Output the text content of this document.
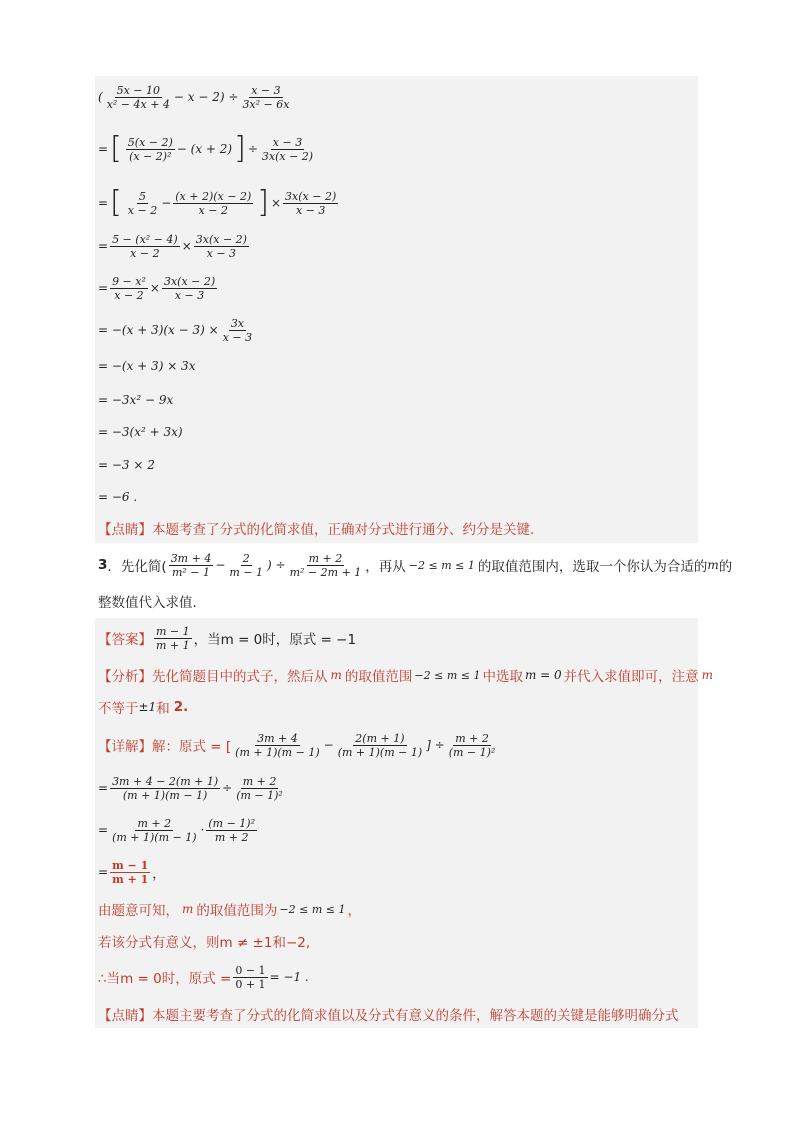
( 5x − 10
$x^2 - 4x + 4 - x - 2) \div \frac{x - 3}{\text{3x² − 6x}}$
= [ 5(x − 2)
(x − 2)² − (x + 2) ] ÷ $\frac{x - 3}{3x(x - 2)}$
= [ 5
$x - 2 - \frac{(x + 2)(x - 2)}{x - 2}$ ] × $\frac{3x(x - 2)}{x - 3}$
= $\frac{\text{5 − (x² − 4)}}{x - 2} \times \frac{3x(x - 2)}{x - 3}$
= $\frac{\text{9 − x²}}{x - 2} \times \frac{3x(x - 2)}{x - 3}$
= $-(x + 3)(x - 3) \times \frac{3x}{x - 3}$
= −(x + 3) × 3x
= −3x² − 9x
= −3(x² + 3x)
= −3 × 2
= −6 .
【点睛】 本题考查了分式的化简求值，正确对分式进行通分、约分是关键.
3 ．先化简(
3m + 4
$m^2 - 1 - \frac{2}{m - 1}$ ) ÷ $\frac{m + 2}{\text{m² − 2m + 1}}$ ，再从 −2 ≤ m ≤ 1 的取值范围内，选取一个你认为合适的 m 的
整数值代入求值.
【答案】
m − 1
m + 1 ，当m = 0时，原式 = −1
【分析】 先化简题目中的式子，然后从 m 的取值范围 −2 ≤ m ≤ 1 中选取 m = 0 并代入求值即可，注意 m
不等于 ±1 和 2.
【详解】 解：原式 = [
3m + 4
$(m + 1)(m - 1) - \frac{2(m + 1)}{(m + 1)(m - 1)}$ ] ÷ $\frac{m + 2}{\text{(m − 1)²}}$
= $\frac{3m + 4 - 2(m + 1)}{(m + 1)(m - 1)} \div \frac{m + 2}{\text{(m − 1)²}}$
= $\frac{m + 2}{(m + 1)(m - 1)} \cdot (m - 1)^2$
m + 2
= $\frac{m - 1}{m + 1}$ ，
由题意可知， m 的取值范围为 −2 ≤ m ≤ 1 ，
若该分式有意义，则m ≠ ±1和−2,
∴当m = 0时，原式 = $\frac{0 - 1}{0 + 1} = -1$ .
【点睛】 本题主要考查了分式的化简求值以及分式有意义的条件，解答本题的关键是能够明确分式
